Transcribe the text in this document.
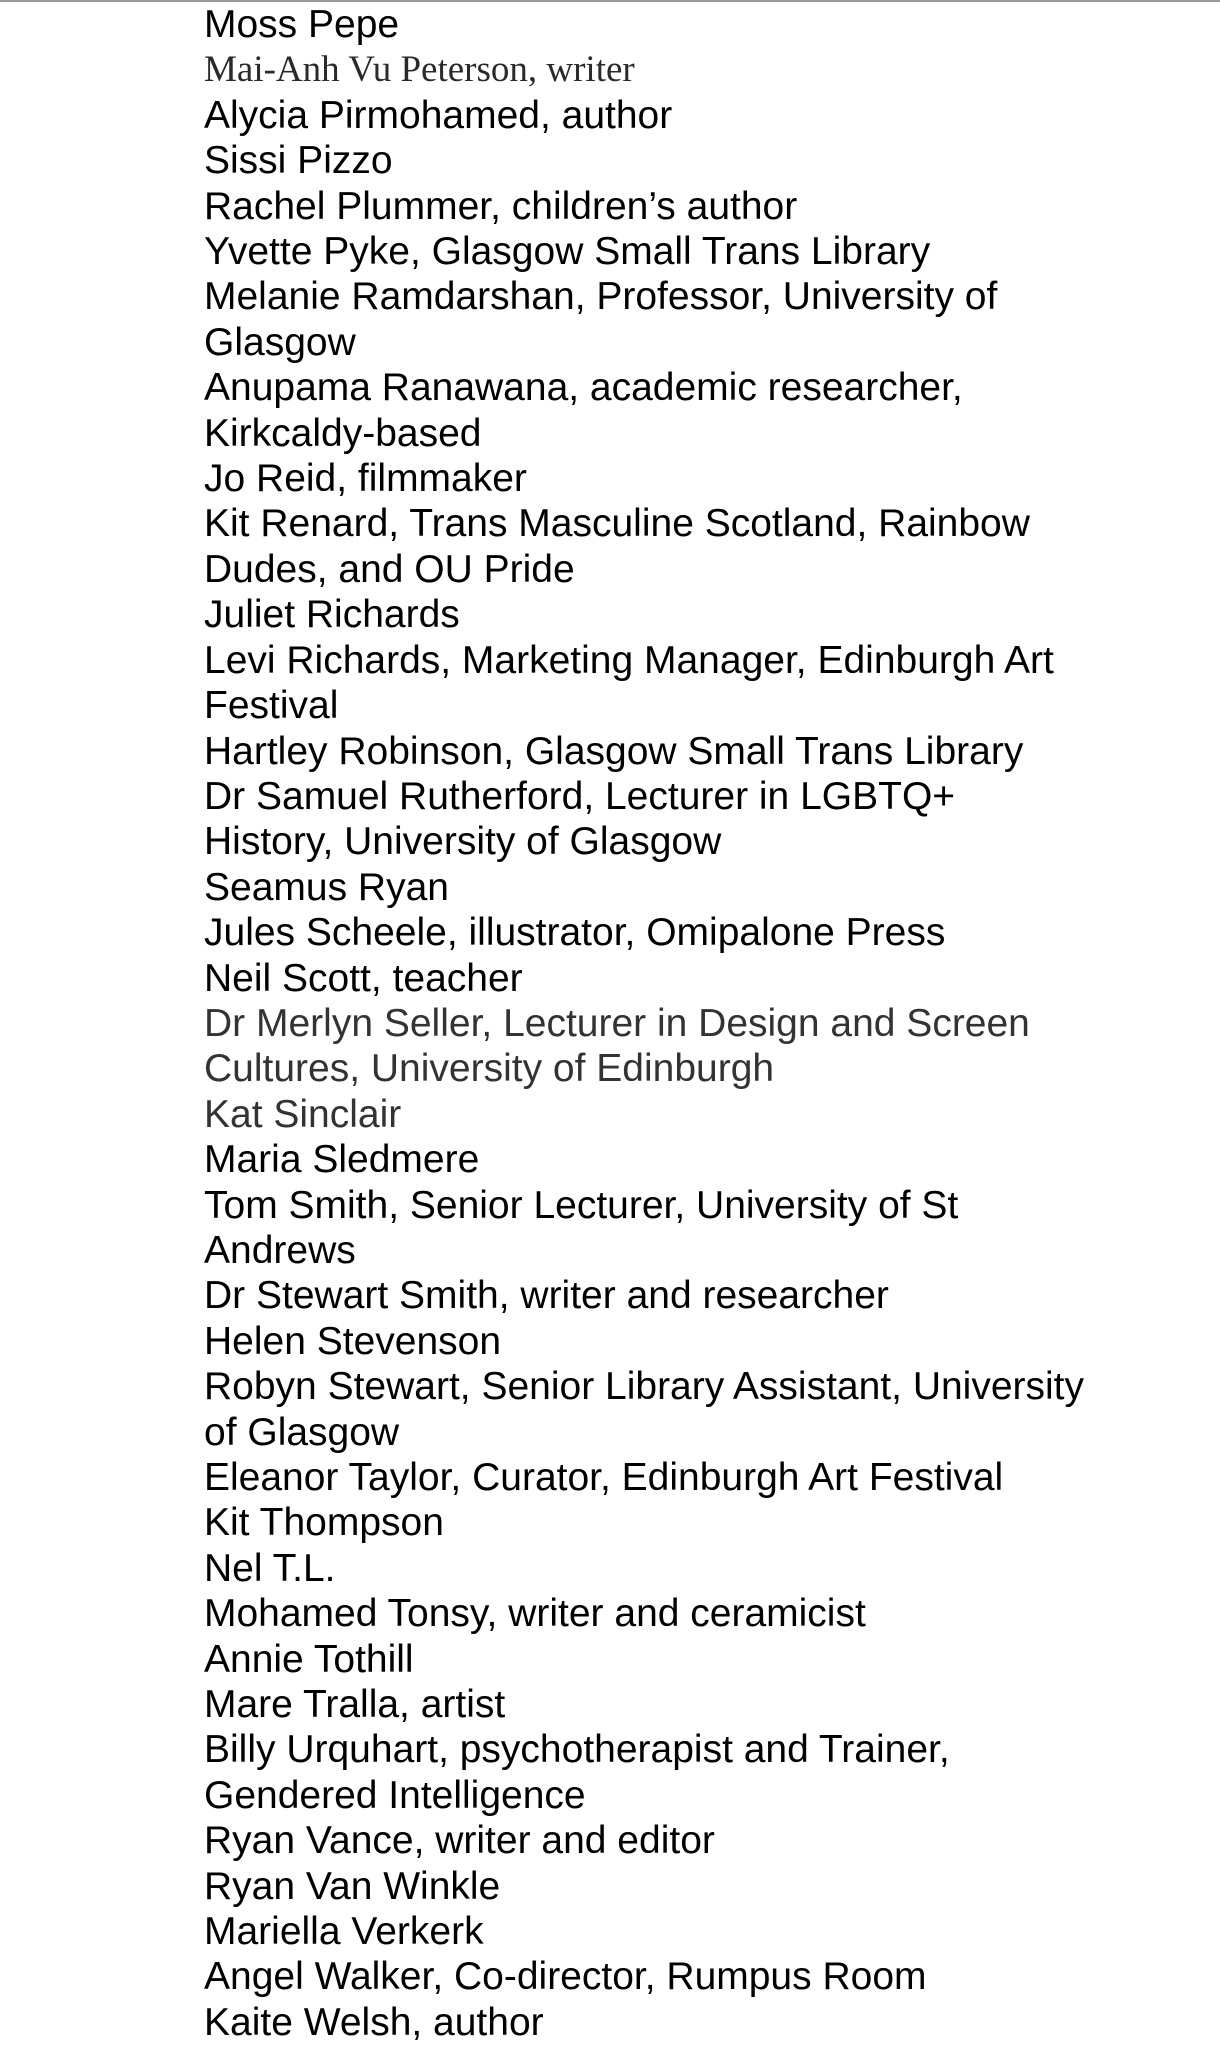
Moss Pepe
Mai-Anh Vu Peterson, writer
Alycia Pirmohamed, author
Sissi Pizzo
Rachel Plummer, children’s author
Yvette Pyke, Glasgow Small Trans Library
Melanie Ramdarshan, Professor, University of
Glasgow
Anupama Ranawana, academic researcher,
Kirkcaldy-based
Jo Reid, filmmaker
Kit Renard, Trans Masculine Scotland, Rainbow
Dudes, and OU Pride
Juliet Richards
Levi Richards, Marketing Manager, Edinburgh Art
Festival
Hartley Robinson, Glasgow Small Trans Library
Dr Samuel Rutherford, Lecturer in LGBTQ+
History, University of Glasgow
Seamus Ryan
Jules Scheele, illustrator, Omipalone Press
Neil Scott, teacher
Dr Merlyn Seller, Lecturer in Design and Screen
Cultures, University of Edinburgh
Kat Sinclair
Maria Sledmere
Tom Smith, Senior Lecturer, University of St
Andrews
Dr Stewart Smith, writer and researcher
Helen Stevenson
Robyn Stewart, Senior Library Assistant, University
of Glasgow
Eleanor Taylor, Curator, Edinburgh Art Festival
Kit Thompson
Nel T.L.
Mohamed Tonsy, writer and ceramicist
Annie Tothill
Mare Tralla, artist
Billy Urquhart, psychotherapist and Trainer,
Gendered Intelligence
Ryan Vance, writer and editor
Ryan Van Winkle
Mariella Verkerk
Angel Walker, Co-director, Rumpus Room
Kaite Welsh, author
